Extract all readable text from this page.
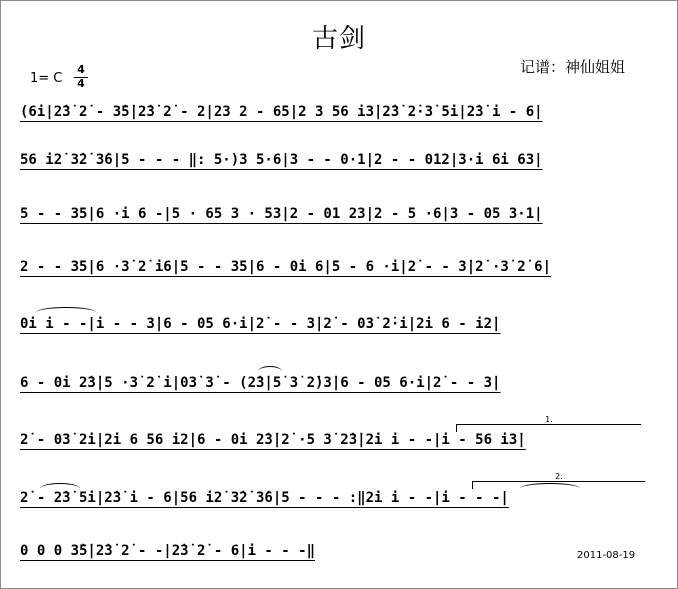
古剑
记谱：神仙姐姐
1= C $\frac{4}{4}$
(6i|2̇3̇ 2̇ - 3̇5̇|2̇3̇ 2̇ - 2|23 2 - 65|2 3 56 i3̇|2̇3̇ 2̇·3̇ 5̇i|2̇3̇ i - 6|
56 i2̇ 3̇2̇ 3̇6|5 - - - ‖: 5·)3 5·6|3 - - 0·1|2 - - 012|3·i 6i 63|
5 - - 35|6 ·i 6 -|5 · 65 3 · 53|2 - 01 23|2 - 5 ·6|3 - 05 3·1|
2 - - 35|6 ·3̇ 2̇ i6|5 - - 35|6 - 0i 6|5 - 6 ·i|2̇ - - 3̇|2̇ ·3̇ 2̇ 6|
0i i - -|i - - 3̇|6 - 05 6·i|2̇ - - 3̇|2̇ - 03̇ 2̇·i|2̇i 6 - i2̇|
6 - 0i 2̇3̇|5 ·3̇ 2̇ i|03̇ 3̇ - (2̇3̇|5̇ 3̇ 2̇)3̇|6 - 05 6·i|2̇ - - 3̇|
2̇ - 03̇ 2̇i|2̇i 6 56 i2̇|6 - 0i 2̇3̇|2̇ ·5 3̇ 2̇3̇|2̇i i - -|i - 56 i3̇|
2̇ - 2̇3̇ 5̇i|2̇3̇ i - 6|56 i2̇ 3̇2̇ 3̇6|5 - - - :‖2̇i i - -|i - - -|
0 0 0 3̇5̇|2̇3̇ 2̇ - -|2̇3̇ 2̇ - 6|i - - -‖
1.
2.
2011-08-19
